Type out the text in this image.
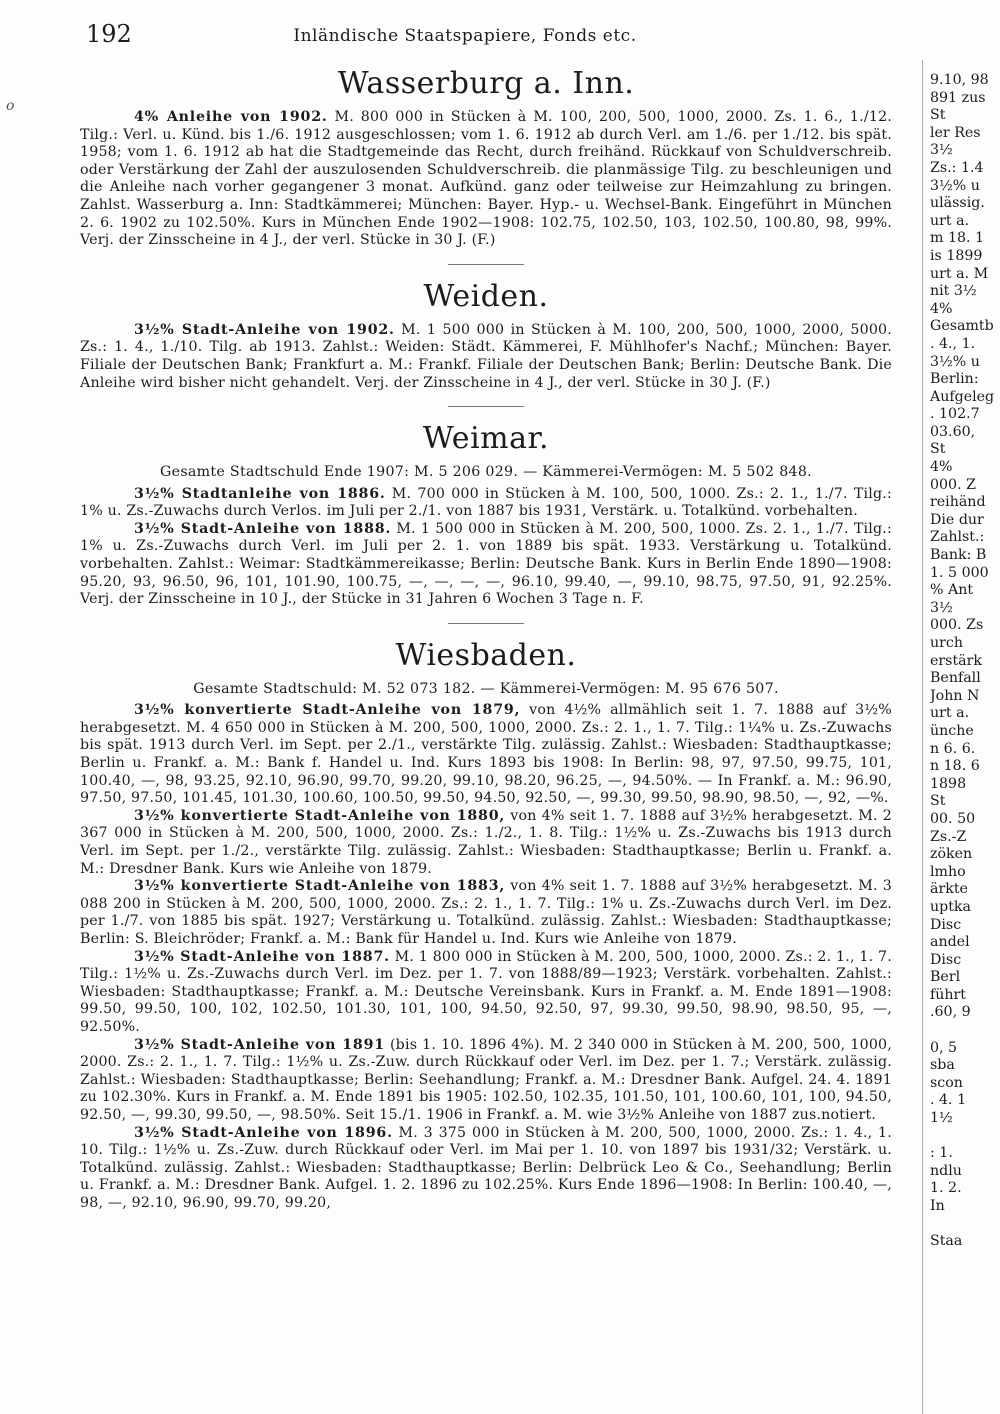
192	Inländische Staatspapiere, Fonds etc.
o
Wasserburg a. Inn.

4% Anleihe von 1902. M. 800 000 in Stücken à M. 100, 200, 500, 1000, 2000. Zs. 1. 6., 1./12. Tilg.: Verl. u. Künd. bis 1./6. 1912 ausgeschlossen; vom 1. 6. 1912 ab durch Verl. am 1./6. per 1./12. bis spät. 1958; vom 1. 6. 1912 ab hat die Stadtgemeinde das Recht, durch freihänd. Rückkauf von Schuldverschreib. oder Verstärkung der Zahl der auszulosenden Schuldverschreib. die planmässige Tilg. zu beschleunigen und die Anleihe nach vorher gegangener 3 monat. Aufkünd. ganz oder teilweise zur Heimzahlung zu bringen. Zahlst. Wasserburg a. Inn: Stadtkämmerei; München: Bayer. Hyp.- u. Wechsel-Bank. Eingeführt in München 2. 6. 1902 zu 102.50%. Kurs in München Ende 1902—1908: 102.75, 102.50, 103, 102.50, 100.80, 98, 99%. Verj. der Zinsscheine in 4 J., der verl. Stücke in 30 J. (F.)

Weiden.

3½% Stadt-Anleihe von 1902. M. 1 500 000 in Stücken à M. 100, 200, 500, 1000, 2000, 5000. Zs.: 1. 4., 1./10. Tilg. ab 1913. Zahlst.: Weiden: Städt. Kämmerei, F. Mühlhofer's Nachf.; München: Bayer. Filiale der Deutschen Bank; Frankfurt a. M.: Frankf. Filiale der Deutschen Bank; Berlin: Deutsche Bank. Die Anleihe wird bisher nicht gehandelt. Verj. der Zinsscheine in 4 J., der verl. Stücke in 30 J. (F.)

Weimar.
Gesamte Stadtschuld Ende 1907: M. 5 206 029. — Kämmerei-Vermögen: M. 5 502 848.

3½% Stadtanleihe von 1886. M. 700 000 in Stücken à M. 100, 500, 1000. Zs.: 2. 1., 1./7. Tilg.: 1% u. Zs.-Zuwachs durch Verlos. im Juli per 2./1. von 1887 bis 1931, Verstärk. u. Totalkünd. vorbehalten.

3½% Stadt-Anleihe von 1888. M. 1 500 000 in Stücken à M. 200, 500, 1000. Zs. 2. 1., 1./7. Tilg.: 1% u. Zs.-Zuwachs durch Verl. im Juli per 2. 1. von 1889 bis spät. 1933. Verstärkung u. Totalkünd. vorbehalten. Zahlst.: Weimar: Stadtkämmereikasse; Berlin: Deutsche Bank. Kurs in Berlin Ende 1890—1908: 95.20, 93, 96.50, 96, 101, 101.90, 100.75, —, —, —, —, 96.10, 99.40, —, 99.10, 98.75, 97.50, 91, 92.25%. Verj. der Zinsscheine in 10 J., der Stücke in 31 Jahren 6 Wochen 3 Tage n. F.

Wiesbaden.
Gesamte Stadtschuld: M. 52 073 182. — Kämmerei-Vermögen: M. 95 676 507.

3½% konvertierte Stadt-Anleihe von 1879, von 4½% allmählich seit 1. 7. 1888 auf 3½% herabgesetzt. M. 4 650 000 in Stücken à M. 200, 500, 1000, 2000. Zs.: 2. 1., 1. 7. Tilg.: 1¼% u. Zs.-Zuwachs bis spät. 1913 durch Verl. im Sept. per 2./1., verstärkte Tilg. zulässig. Zahlst.: Wiesbaden: Stadthauptkasse; Berlin u. Frankf. a. M.: Bank f. Handel u. Ind. Kurs 1893 bis 1908: In Berlin: 98, 97, 97.50, 99.75, 101, 100.40, —, 98, 93.25, 92.10, 96.90, 99.70, 99.20, 99.10, 98.20, 96.25, —, 94.50%. — In Frankf. a. M.: 96.90, 97.50, 97.50, 101.45, 101.30, 100.60, 100.50, 99.50, 94.50, 92.50, —, 99.30, 99.50, 98.90, 98.50, —, 92, —%.

3½% konvertierte Stadt-Anleihe von 1880, von 4% seit 1. 7. 1888 auf 3½% herabgesetzt. M. 2 367 000 in Stücken à M. 200, 500, 1000, 2000. Zs.: 1./2., 1. 8. Tilg.: 1½% u. Zs.-Zuwachs bis 1913 durch Verl. im Sept. per 1./2., verstärkte Tilg. zulässig. Zahlst.: Wiesbaden: Stadthauptkasse; Berlin u. Frankf. a. M.: Dresdner Bank. Kurs wie Anleihe von 1879.

3½% konvertierte Stadt-Anleihe von 1883, von 4% seit 1. 7. 1888 auf 3½% herabgesetzt. M. 3 088 200 in Stücken à M. 200, 500, 1000, 2000. Zs.: 2. 1., 1. 7. Tilg.: 1% u. Zs.-Zuwachs durch Verl. im Dez. per 1./7. von 1885 bis spät. 1927; Verstärkung u. Totalkünd. zulässig. Zahlst.: Wiesbaden: Stadthauptkasse; Berlin: S. Bleichröder; Frankf. a. M.: Bank für Handel u. Ind. Kurs wie Anleihe von 1879.

3½% Stadt-Anleihe von 1887. M. 1 800 000 in Stücken à M. 200, 500, 1000, 2000. Zs.: 2. 1., 1. 7. Tilg.: 1½% u. Zs.-Zuwachs durch Verl. im Dez. per 1. 7. von 1888/89—1923; Verstärk. vorbehalten. Zahlst.: Wiesbaden: Stadthauptkasse; Frankf. a. M.: Deutsche Vereinsbank. Kurs in Frankf. a. M. Ende 1891—1908: 99.50, 99.50, 100, 102, 102.50, 101.30, 101, 100, 94.50, 92.50, 97, 99.30, 99.50, 98.90, 98.50, 95, —, 92.50%.

3½% Stadt-Anleihe von 1891 (bis 1. 10. 1896 4%). M. 2 340 000 in Stücken à M. 200, 500, 1000, 2000. Zs.: 2. 1., 1. 7. Tilg.: 1½% u. Zs.-Zuw. durch Rückkauf oder Verl. im Dez. per 1. 7.; Verstärk. zulässig. Zahlst.: Wiesbaden: Stadthauptkasse; Berlin: Seehandlung; Frankf. a. M.: Dresdner Bank. Aufgel. 24. 4. 1891 zu 102.30%. Kurs in Frankf. a. M. Ende 1891 bis 1905: 102.50, 102.35, 101.50, 101, 100.60, 101, 100, 94.50, 92.50, —, 99.30, 99.50, —, 98.50%. Seit 15./1. 1906 in Frankf. a. M. wie 3½% Anleihe von 1887 zus.notiert.

3½% Stadt-Anleihe von 1896. M. 3 375 000 in Stücken à M. 200, 500, 1000, 2000. Zs.: 1. 4., 1. 10. Tilg.: 1½% u. Zs.-Zuw. durch Rückkauf oder Verl. im Mai per 1. 10. von 1897 bis 1931/32; Verstärk. u. Totalkünd. zulässig. Zahlst.: Wiesbaden: Stadthauptkasse; Berlin: Delbrück Leo & Co., Seehandlung; Berlin u. Frankf. a. M.: Dresdner Bank. Aufgel. 1. 2. 1896 zu 102.25%. Kurs Ende 1896—1908: In Berlin: 100.40, —, 98, —, 92.10, 96.90, 99.70, 99.20,

9.10, 98
891 zus
St
ler Res
3½
Zs.: 1.4
3½% u
ulässig.
urt a.
m 18. 1
is 1899
urt a. M
nit 3½
4%
Gesamtb
. 4., 1.
3½% u
Berlin:
Aufgeleg
. 102.7
03.60,
St
4%
000. Z
reihänd
Die dur
Zahlst.:
Bank: B
1. 5 000
% Ant
3½
000. Zs
urch
erstärk
Benfall
John N
urt a.
ünche
n 6. 6.
n 18. 6
1898
St
00. 50
Zs.-Z
zöken
lmho
ärkte
uptka
Disc
andel
Disc
Berl
führt
.60, 9

0, 5
sba
scon
. 4. 1
1½

: 1.
ndlu
1. 2.
In

Staa
